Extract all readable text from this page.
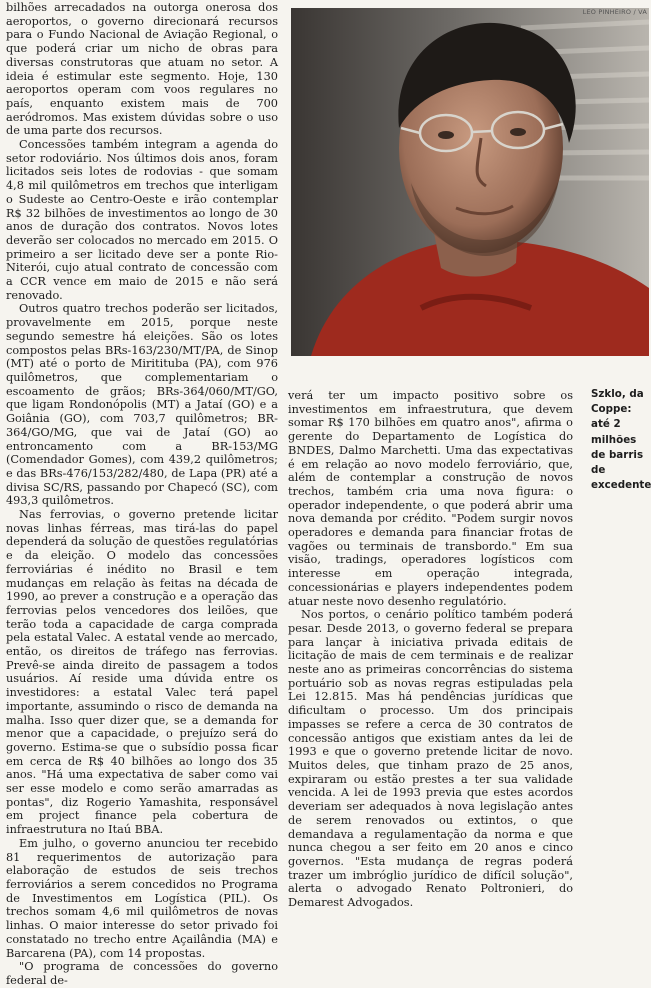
bilhões arrecadados na outorga onerosa dos aeroportos, o governo direcionará recursos para o Fundo Nacional de Aviação Regional, o que poderá criar um nicho de obras para diversas construtoras que atuam no setor. A ideia é estimular este segmento. Hoje, 130 aeroportos operam com voos regulares no país, enquanto existem mais de 700 aeródromos. Mas existem dúvidas sobre o uso de uma parte dos recursos.

Concessões também integram a agenda do setor rodoviário. Nos últimos dois anos, foram licitados seis lotes de rodovias - que somam 4,8 mil quilômetros em trechos que interligam o Sudeste ao Centro-Oeste e irão contemplar R$ 32 bilhões de investimentos ao longo de 30 anos de duração dos contratos. Novos lotes deverão ser colocados no mercado em 2015. O primeiro a ser licitado deve ser a ponte Rio-Niterói, cujo atual contrato de concessão com a CCR vence em maio de 2015 e não será renovado.

Outros quatro trechos poderão ser licitados, provavelmente em 2015, porque neste segundo semestre há eleições. São os lotes compostos pelas BRs-163/230/MT/PA, de Sinop (MT) até o porto de Miritituba (PA), com 976 quilômetros, que complementariam o escoamento de grãos; BRs-364/060/MT/GO, que ligam Rondonópolis (MT) a Jataí (GO) e a Goiânia (GO), com 703,7 quilômetros; BR-364/GO/MG, que vai de Jataí (GO) ao entroncamento com a BR-153/MG (Comendador Gomes), com 439,2 quilômetros; e das BRs-476/153/282/480, de Lapa (PR) até a divisa SC/RS, passando por Chapecó (SC), com 493,3 quilômetros.

Nas ferrovias, o governo pretende licitar novas linhas férreas, mas tirá-las do papel dependerá da solução de questões regulatórias e da eleição. O modelo das concessões ferroviárias é inédito no Brasil e tem mudanças em relação às feitas na década de 1990, ao prever a construção e a operação das ferrovias pelos vencedores dos leilões, que terão toda a capacidade de carga comprada pela estatal Valec. A estatal vende ao mercado, então, os direitos de tráfego nas ferrovias. Prevê-se ainda direito de passagem a todos usuários. Aí reside uma dúvida entre os investidores: a estatal Valec terá papel importante, assumindo o risco de demanda na malha. Isso quer dizer que, se a demanda for menor que a capacidade, o prejuízo será do governo. Estima-se que o subsídio possa ficar em cerca de R$ 40 bilhões ao longo dos 35 anos. "Há uma expectativa de saber como vai ser esse modelo e como serão amarradas as pontas", diz Rogerio Yamashita, responsável em project finance pela cobertura de infraestrutura no Itaú BBA.

Em julho, o governo anunciou ter recebido 81 requerimentos de autorização para elaboração de estudos de seis trechos ferroviários a serem concedidos no Programa de Investimentos em Logística (PIL). Os trechos somam 4,6 mil quilômetros de novas linhas. O maior interesse do setor privado foi constatado no trecho entre Açailândia (MA) e Barcarena (PA), com 14 propostas.

"O programa de concessões do governo federal de-

LEO PINHEIRO / VA
Szklo, da Coppe: até 2 milhões de barris de excedente

verá ter um impacto positivo sobre os investimentos em infraestrutura, que devem somar R$ 170 bilhões em quatro anos", afirma o gerente do Departamento de Logística do BNDES, Dalmo Marchetti. Uma das expectativas é em relação ao novo modelo ferroviário, que, além de contemplar a construção de novos trechos, também cria uma nova figura: o operador independente, o que poderá abrir uma nova demanda por crédito. "Podem surgir novos operadores e demanda para financiar frotas de vagões ou terminais de transbordo." Em sua visão, tradings, operadores logísticos com interesse em operação integrada, concessionárias e players independentes podem atuar neste novo desenho regulatório.

Nos portos, o cenário político também poderá pesar. Desde 2013, o governo federal se prepara para lançar à iniciativa privada editais de licitação de mais de cem terminais e de realizar neste ano as primeiras concorrências do sistema portuário sob as novas regras estipuladas pela Lei 12.815. Mas há pendências jurídicas que dificultam o processo. Um dos principais impasses se refere a cerca de 30 contratos de concessão antigos que existiam antes da lei de 1993 e que o governo pretende licitar de novo. Muitos deles, que tinham prazo de 25 anos, expiraram ou estão prestes a ter sua validade vencida. A lei de 1993 previa que estes acordos deveriam ser adequados à nova legislação antes de serem renovados ou extintos, o que demandava a regulamentação da norma e que nunca chegou a ser feito em 20 anos e cinco governos. "Esta mudança de regras poderá trazer um imbróglio jurídico de difícil solução", alerta o advogado Renato Poltronieri, do Demarest Advogados.
